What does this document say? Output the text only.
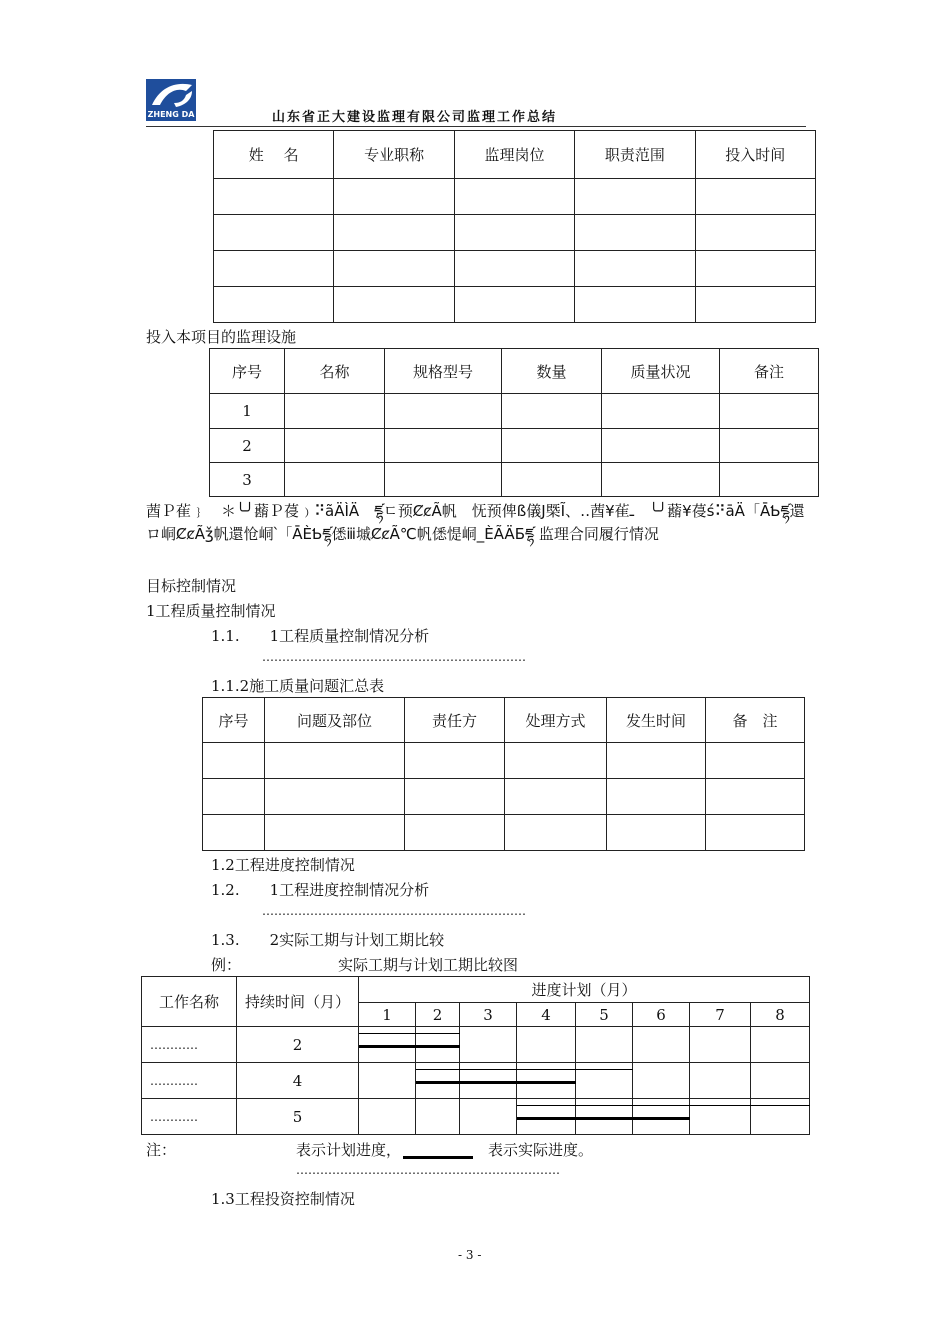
ZHENG DA	山东省正大建设监理有限公司监理工作总结
姓　 名	专业职称	监理岗位	职责范围	投入时间

投入本项目的监理设施
序号	名称	规格型号	数量	质量状况	备注
1					
2					
3					
莤Ｐ雈﹜　＊╰╯蘛Ｐ葠﹚⠝ãÄÌÄ　ཛྷㄷ预ȻȼÃ帆　怃预俾ß儀J槩Ĩ、‥莤¥雈ـ　╰╯蘛¥葠ś⠝āÄ「ĀƄཛྷ還ロ峒ȻȼÃǯ帆還怆峒՝「ĀÈƄཛྷ僁ⅲ墄ȻȼÃ℃帆僁惿峒_ÈÃÄБཛྷ 监理合同履行情况
目标控制情况
1工程质量控制情况
1.1.　　1工程质量控制情况分析
…………………………………………………………
1.1.2施工质量问题汇总表
序号	问题及部位	责任方	处理方式	发生时间	备　注

1.2工程进度控制情况
1.2.　　1工程进度控制情况分析
…………………………………………………………
1.3.　　2实际工期与计划工期比较
例：	实际工期与计划工期比较图
工作名称	持续时间（月）	进度计划（月）							
		1	2	3	4	5	6	7	8
…………	2								
…………	4								
…………	5								
注：	表示计划进度，	表示实际进度。
…………………………………………………………
1.3工程投资控制情况
- 3 -
